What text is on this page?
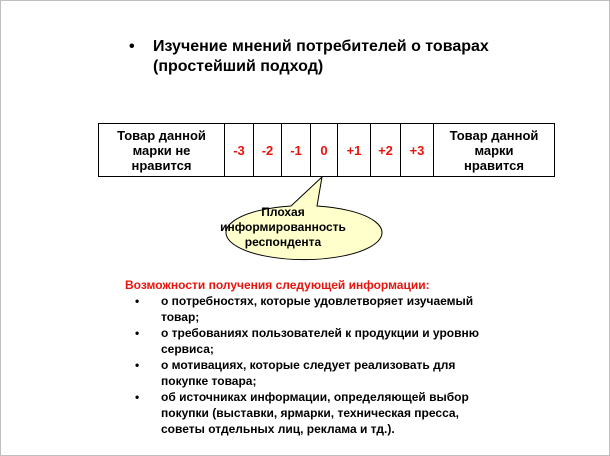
• Изучение мнений потребителей о товарах
(простейший подход)
Товар данной
марки не
нравится	-3	-2	-1	0	+1	+2	+3	Товар данной
марки
нравится
Плохая
информированность
респондента
Возможности получения следующей информации:
• о потребностях, которые удовлетворяет изучаемый
товар;
• о требованиях пользователей к продукции и уровню
сервиса;
• о мотивациях, которые следует реализовать для
покупке товара;
• об источниках информации, определяющей выбор
покупки (выставки, ярмарки, техническая пресса,
советы отдельных лиц, реклама и тд.).
